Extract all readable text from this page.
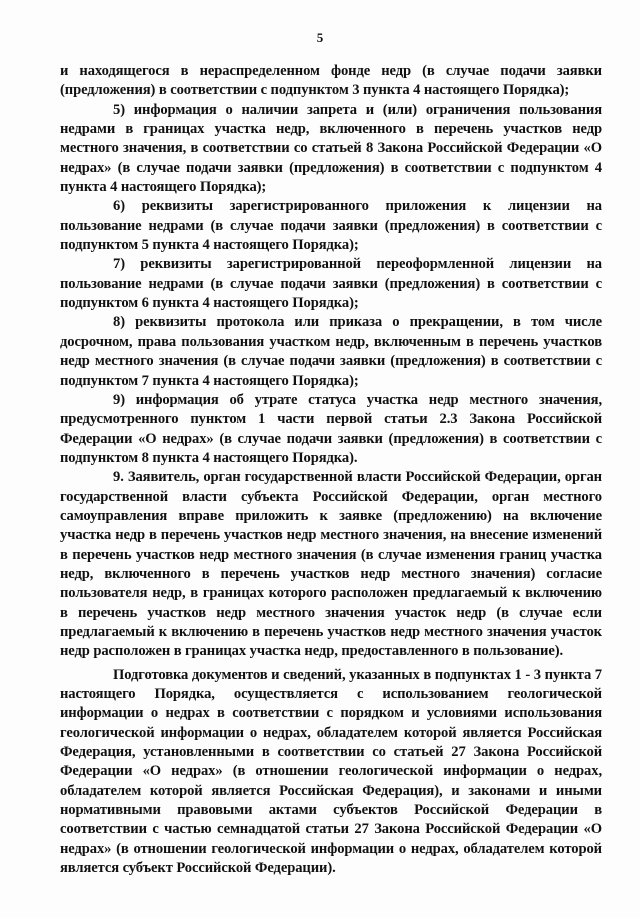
5

и находящегося в нераспределенном фонде недр (в случае подачи заявки (предложения) в соответствии с подпунктом 3 пункта 4 настоящего Порядка);

5) информация о наличии запрета и (или) ограничения пользования недрами в границах участка недр, включенного в перечень участков недр местного значения, в соответствии со статьей 8 Закона Российской Федерации «О недрах» (в случае подачи заявки (предложения) в соответствии с подпунктом 4 пункта 4 настоящего Порядка);

6) реквизиты зарегистрированного приложения к лицензии на пользование недрами (в случае подачи заявки (предложения) в соответствии с подпунктом 5 пункта 4 настоящего Порядка);

7) реквизиты зарегистрированной переоформленной лицензии на пользование недрами (в случае подачи заявки (предложения) в соответствии с подпунктом 6 пункта 4 настоящего Порядка);

8) реквизиты протокола или приказа о прекращении, в том числе досрочном, права пользования участком недр, включенным в перечень участков недр местного значения (в случае подачи заявки (предложения) в соответствии с подпунктом 7 пункта 4 настоящего Порядка);

9) информация об утрате статуса участка недр местного значения, предусмотренного пунктом 1 части первой статьи 2.3 Закона Российской Федерации «О недрах» (в случае подачи заявки (предложения) в соответствии с подпунктом 8 пункта 4 настоящего Порядка).

9. Заявитель, орган государственной власти Российской Федерации, орган государственной власти субъекта Российской Федерации, орган местного самоуправления вправе приложить к заявке (предложению) на включение участка недр в перечень участков недр местного значения, на внесение изменений в перечень участков недр местного значения (в случае изменения границ участка недр, включенного в перечень участков недр местного значения) согласие пользователя недр, в границах которого расположен предлагаемый к включению в перечень участков недр местного значения участок недр (в случае если предлагаемый к включению в перечень участков недр местного значения участок недр расположен в границах участка недр, предоставленного в пользование).

Подготовка документов и сведений, указанных в подпунктах 1 - 3 пункта 7 настоящего Порядка, осуществляется с использованием геологической информации о недрах в соответствии с порядком и условиями использования геологической информации о недрах, обладателем которой является Российская Федерация, установленными в соответствии со статьей 27 Закона Российской Федерации «О недрах» (в отношении геологической информации о недрах, обладателем которой является Российская Федерация), и законами и иными нормативными правовыми актами субъектов Российской Федерации в соответствии с частью семнадцатой статьи 27 Закона Российской Федерации «О недрах» (в отношении геологической информации о недрах, обладателем которой является субъект Российской Федерации).
